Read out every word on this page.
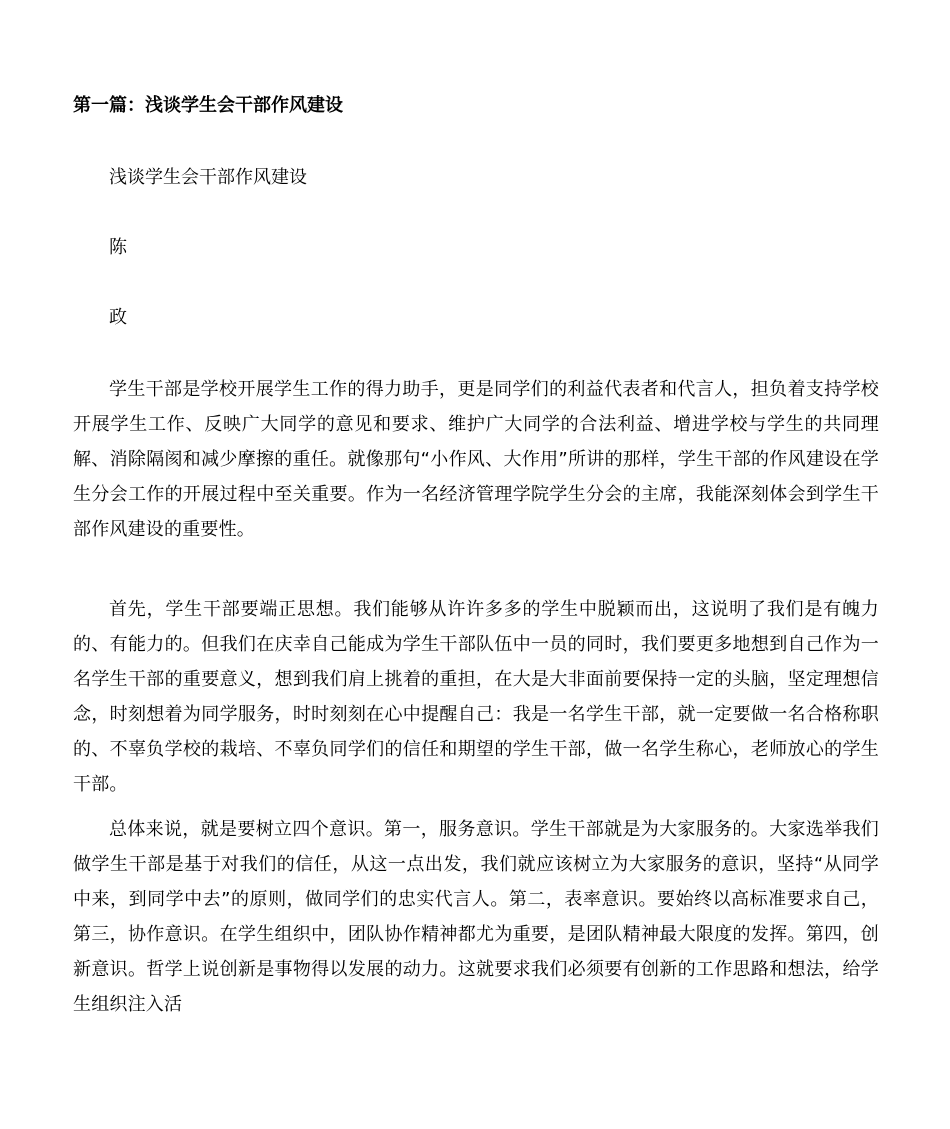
第一篇：浅谈学生会干部作风建设

浅谈学生会干部作风建设

陈

政

学生干部是学校开展学生工作的得力助手，更是同学们的利益代表者和代言人，担负着支持学校开展学生工作、反映广大同学的意见和要求、维护广大同学的合法利益、增进学校与学生的共同理解、消除隔阂和减少摩擦的重任。就像那句“小作风、大作用”所讲的那样，学生干部的作风建设在学生分会工作的开展过程中至关重要。作为一名经济管理学院学生分会的主席，我能深刻体会到学生干部作风建设的重要性。

首先，学生干部要端正思想。我们能够从许许多多的学生中脱颖而出，这说明了我们是有魄力的、有能力的。但我们在庆幸自己能成为学生干部队伍中一员的同时，我们要更多地想到自己作为一名学生干部的重要意义，想到我们肩上挑着的重担，在大是大非面前要保持一定的头脑，坚定理想信念，时刻想着为同学服务，时时刻刻在心中提醒自己：我是一名学生干部，就一定要做一名合格称职的、不辜负学校的栽培、不辜负同学们的信任和期望的学生干部，做一名学生称心，老师放心的学生干部。

总体来说，就是要树立四个意识。第一，服务意识。学生干部就是为大家服务的。大家选举我们做学生干部是基于对我们的信任，从这一点出发，我们就应该树立为大家服务的意识，坚持“从同学中来，到同学中去”的原则，做同学们的忠实代言人。第二，表率意识。要始终以高标准要求自己，第三，协作意识。在学生组织中，团队协作精神都尤为重要，是团队精神最大限度的发挥。第四，创新意识。哲学上说创新是事物得以发展的动力。这就要求我们必须要有创新的工作思路和想法，给学生组织注入活
